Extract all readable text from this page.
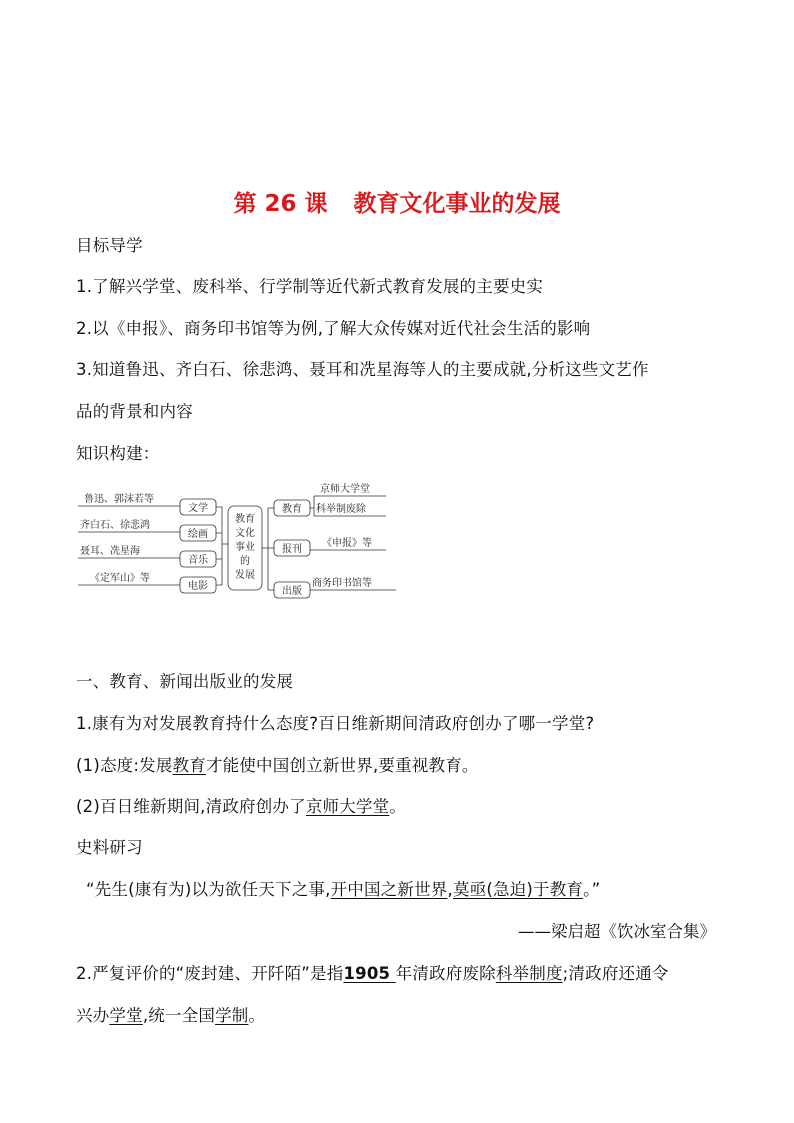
第 26 课 教育文化事业的发展
目标导学
1.了解兴学堂、废科举、行学制等近代新式教育发展的主要史实
2.以《申报》、商务印书馆等为例,了解大众传媒对近代社会生活的影响
3.知道鲁迅、齐白石、徐悲鸿、聂耳和冼星海等人的主要成就,分析这些文艺作
品的背景和内容
知识构建：
鲁迅、郭沫若等
齐白石、徐悲鸿
聂耳、冼星海
《定军山》等
文学
绘画
音乐
电影
教育
文化
事业
的
发展
教育
报刊
出版
京师大学堂
科举制废除
《申报》等
商务印书馆等
一、教育、新闻出版业的发展
1.康有为对发展教育持什么态度?百日维新期间清政府创办了哪一学堂?
(1)态度:发展教育才能使中国创立新世界,要重视教育。
(2)百日维新期间,清政府创办了京师大学堂。
史料研习
“先生(康有为)以为欲任天下之事,开中国之新世界,莫亟(急迫)于教育。”
——梁启超《饮冰室合集》
2.严复评价的“废封建、开阡陌”是指1905 年清政府废除科举制度;清政府还通令
兴办学堂,统一全国学制。
